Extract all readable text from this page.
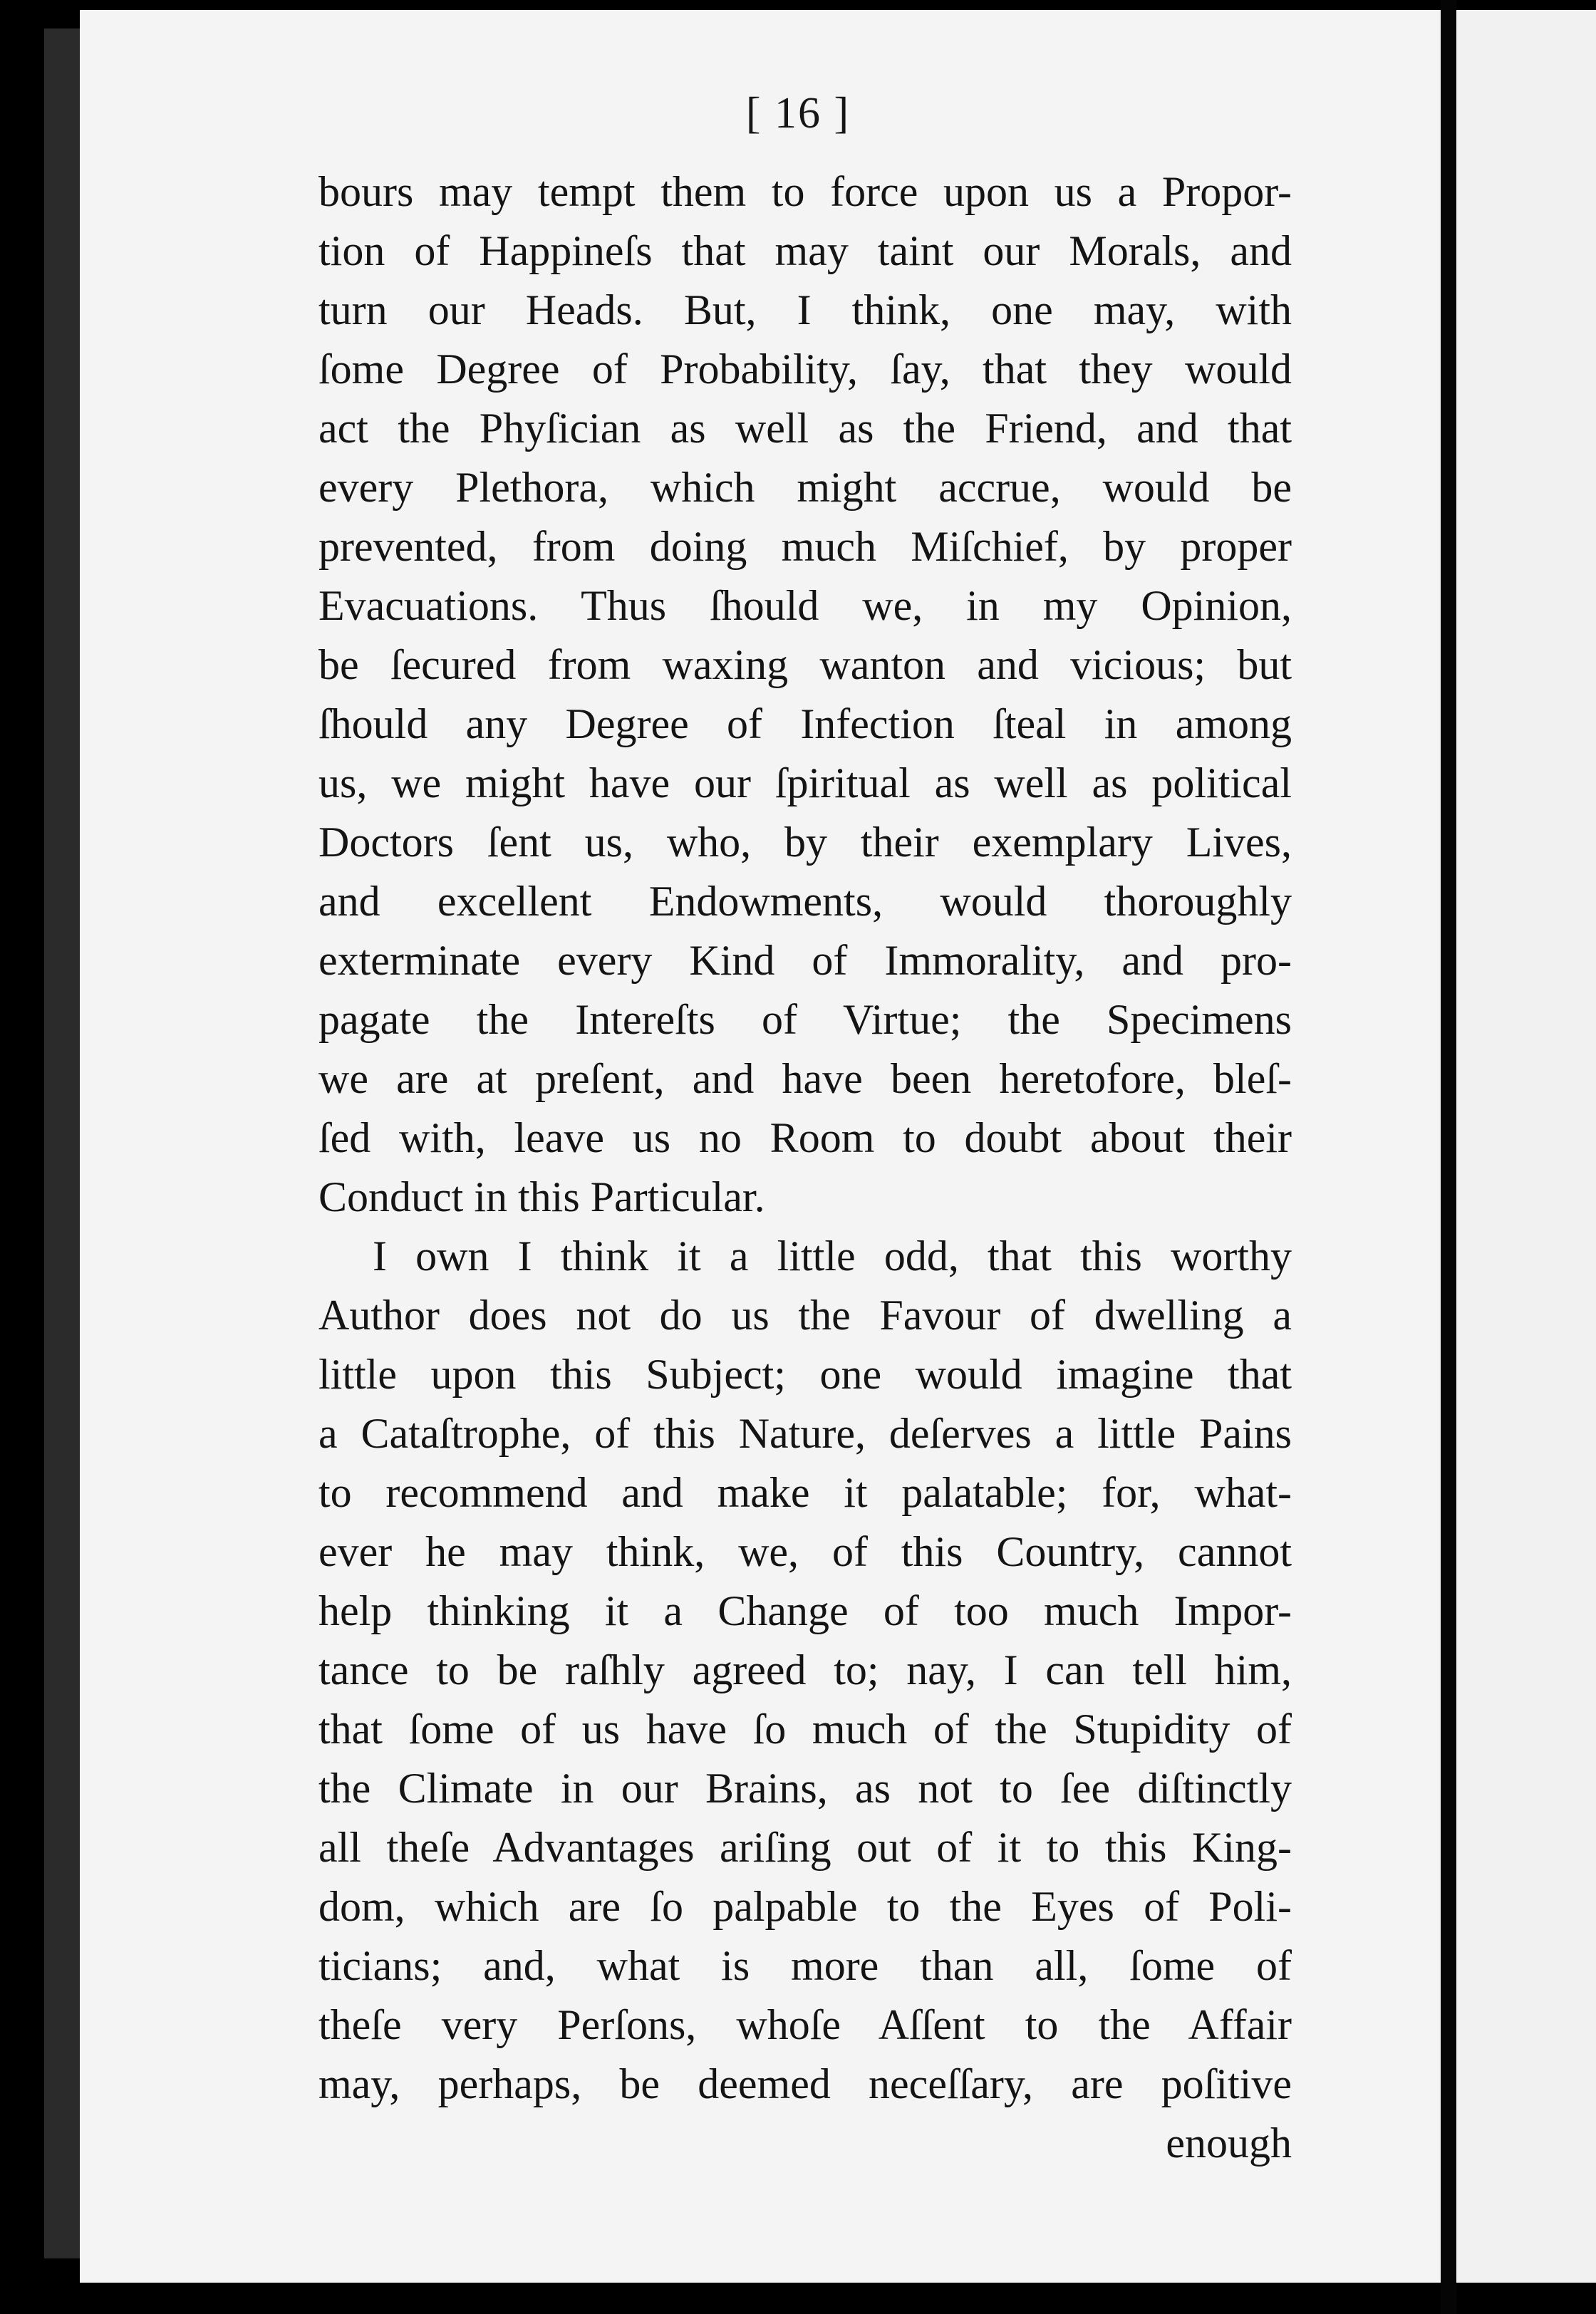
[ 16 ]
bours may tempt them to force upon us a Propor-
tion of Happineſs that may taint our Morals, and
turn our Heads. But, I think, one may, with
ſome Degree of Probability, ſay, that they would
act the Phyſician as well as the Friend, and that
every Plethora, which might accrue, would be
prevented, from doing much Miſchief, by proper
Evacuations. Thus ſhould we, in my Opinion,
be ſecured from waxing wanton and vicious; but
ſhould any Degree of Infection ſteal in among
us, we might have our ſpiritual as well as political
Doctors ſent us, who, by their exemplary Lives,
and excellent Endowments, would thoroughly
exterminate every Kind of Immorality, and pro-
pagate the Intereſts of Virtue; the Specimens
we are at preſent, and have been heretofore, bleſ-
ſed with, leave us no Room to doubt about their
Conduct in this Particular.
I own I think it a little odd, that this worthy
Author does not do us the Favour of dwelling a
little upon this Subject; one would imagine that
a Cataſtrophe, of this Nature, deſerves a little Pains
to recommend and make it palatable; for, what-
ever he may think, we, of this Country, cannot
help thinking it a Change of too much Impor-
tance to be raſhly agreed to; nay, I can tell him,
that ſome of us have ſo much of the Stupidity of
the Climate in our Brains, as not to ſee diſtinctly
all theſe Advantages ariſing out of it to this King-
dom, which are ſo palpable to the Eyes of Poli-
ticians; and, what is more than all, ſome of
theſe very Perſons, whoſe Aſſent to the Affair
may, perhaps, be deemed neceſſary, are poſitive
enough
